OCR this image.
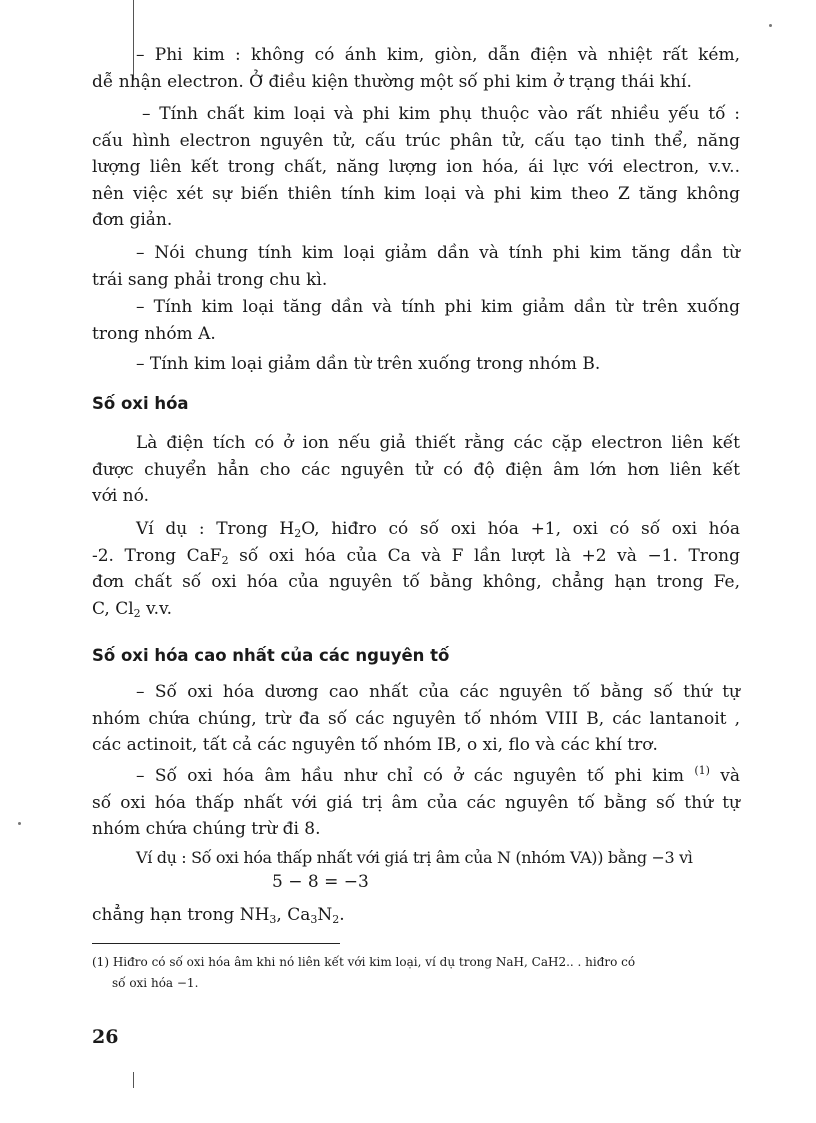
– Phi kim : không có ánh kim, giòn, dẫn điện và nhiệt rất kém,
dễ nhận electron. Ở điều kiện thường một số phi kim ở trạng thái khí.
– Tính chất kim loại và phi kim phụ thuộc vào rất nhiều yếu tố :
cấu hình electron nguyên tử, cấu trúc phân tử, cấu tạo tinh thể, năng
lượng liên kết trong chất, năng lượng ion hóa, ái lực với electron, v.v..
nên việc xét sự biến thiên tính kim loại và phi kim theo Z tăng không
đơn giản.
– Nói chung tính kim loại giảm dần và tính phi kim tăng dần từ
trái sang phải trong chu kì.
– Tính kim loại tăng dần và tính phi kim giảm dần từ trên xuống
trong nhóm A.
– Tính kim loại giảm dần từ trên xuống trong nhóm B.
Số oxi hóa
Là điện tích có ở ion nếu giả thiết rằng các cặp electron liên kết
được chuyển hẳn cho các nguyên tử có độ điện âm lớn hơn liên kết
với nó.
Ví dụ : Trong $H_2O$, hiđro có số oxi hóa +1, oxi có số oxi hóa
-2. Trong CaF$_2$ số oxi hóa của Ca và F lần lượt là +2 và −1. Trong
đơn chất số oxi hóa của nguyên tố bằng không, chẳng hạn trong Fe,
C, $Cl_2$ v.v.
Số oxi hóa cao nhất của các nguyên tố
– Số oxi hóa dương cao nhất của các nguyên tố bằng số thứ tự
nhóm chứa chúng, trừ đa số các nguyên tố nhóm VIII B, các lantanoit ,
các actinoit, tất cả các nguyên tố nhóm IB, o xi, flo và các khí trơ.
– Số oxi hóa âm hầu như chỉ có ở các nguyên tố phi kim $^{(1)}$ và
số oxi hóa thấp nhất với giá trị âm của các nguyên tố bằng số thứ tự
nhóm chứa chúng trừ đi 8.
Ví dụ : Số oxi hóa thấp nhất với giá trị âm của N (nhóm VA)) bằng −3 vì
5 − 8 = −3
chẳng hạn trong $NH_3$, $Ca_3N_2$.
(1) Hiđro có số oxi hóa âm khi nó liên kết với kim loại, ví dụ trong NaH, CaH2.. . hiđro có
số oxi hóa −1.
26
